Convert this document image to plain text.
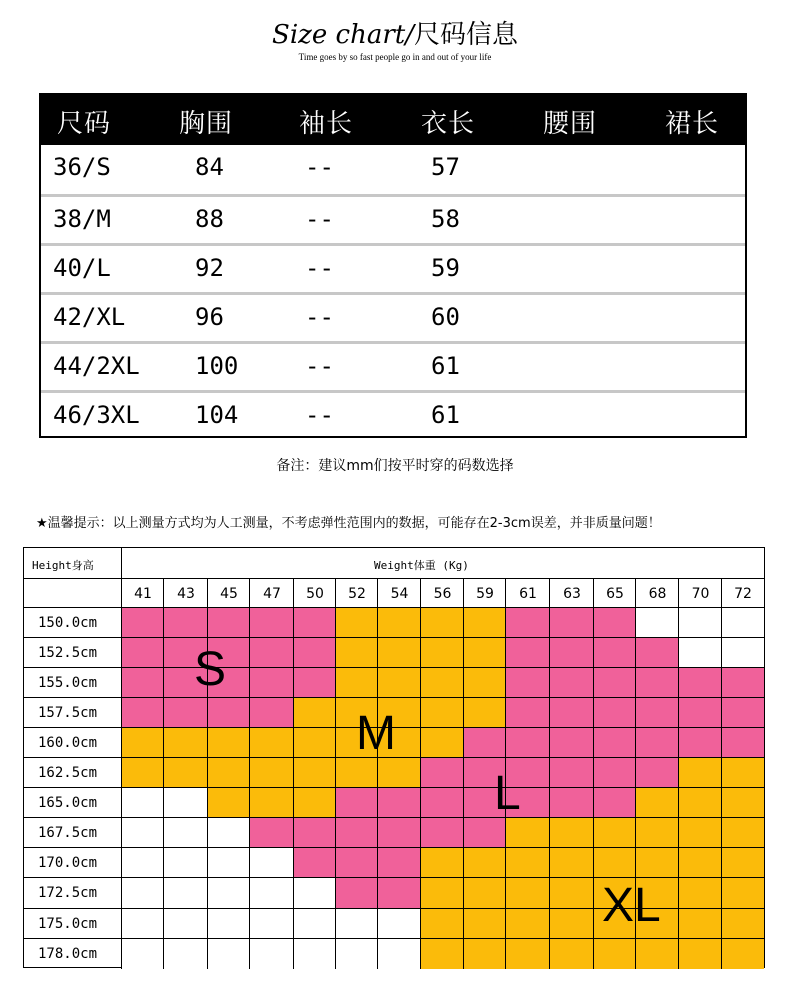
Size chart/尺码信息
Time goes by so fast people go in and out of your life
尺码	胸围	袖长	衣长	腰围	裙长
36/S	84	--	57
38/M	88	--	58
40/L	92	--	59
42/XL	96	--	60
44/2XL 100	--	61
46/3XL 104	--	61
备注：建议mm们按平时穿的码数选择
★温馨提示：以上测量方式均为人工测量，不考虑弹性范围内的数据，可能存在2-3cm误差，并非质量问题！
Height身高	Weight体重 (Kg)
41	43	45	47	50	52	54	56	59	61	63	65	68	70	72
150.0cm
152.5cm
155.0cm
157.5cm
160.0cm
162.5cm
165.0cm
167.5cm
170.0cm
172.5cm
175.0cm
178.0cm
S
M
L
XL
